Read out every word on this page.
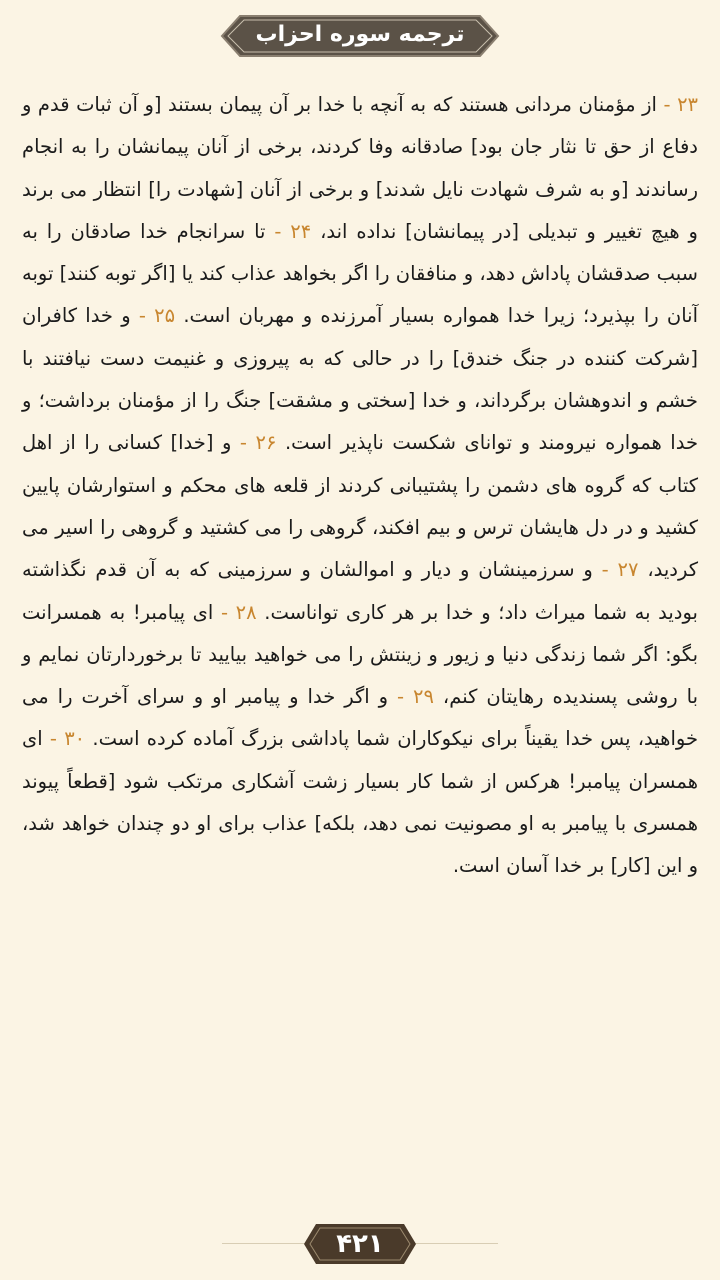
ترجمه سوره احزاب
۲۳ - از مؤمنان مردانی هستند که به آنچه با خدا بر آن پیمان بستند [و آن ثبات قدم و دفاع از حق تا نثار جان بود] صادقانه وفا کردند، برخی از آنان پیمانشان را به انجام رساندند [و به شرف شهادت نایل شدند] و برخی از آنان [شهادت را] انتظار می برند و هیچ تغییر و تبدیلی [در پیمانشان] نداده اند، ۲۴ - تا سرانجام خدا صادقان را به سبب صدقشان پاداش دهد، و منافقان را اگر بخواهد عذاب کند یا [اگر توبه کنند] توبه آنان را بپذیرد؛ زیرا خدا همواره بسیار آمرزنده و مهربان است. ۲۵ - و خدا کافران [شرکت کننده در جنگ خندق] را در حالی که به پیروزی و غنیمت دست نیافتند با خشم و اندوهشان برگرداند، و خدا [سختی و مشقت] جنگ را از مؤمنان برداشت؛ و خدا همواره نیرومند و توانای شکست ناپذیر است. ۲۶ - و [خدا] کسانی را از اهل کتاب که گروه های دشمن را پشتیبانی کردند از قلعه های محکم و استوارشان پایین کشید و در دل هایشان ترس و بیم افکند، گروهی را می کشتید و گروهی را اسیر می کردید، ۲۷ - و سرزمینشان و دیار و اموالشان و سرزمینی که به آن قدم نگذاشته بودید به شما میراث داد؛ و خدا بر هر کاری تواناست. ۲۸ - ای پیامبر! به همسرانت بگو: اگر شما زندگی دنیا و زیور و زینتش را می خواهید بیایید تا برخوردارتان نمایم و با روشی پسندیده رهایتان کنم، ۲۹ - و اگر خدا و پیامبر او و سرای آخرت را می خواهید، پس خدا یقیناً برای نیکوکاران شما پاداشی بزرگ آماده کرده است. ۳۰ - ای همسران پیامبر! هرکس از شما کار بسیار زشت آشکاری مرتکب شود [قطعاً پیوند همسری با پیامبر به او مصونیت نمی دهد، بلکه] عذاب برای او دو چندان خواهد شد، و این [کار] بر خدا آسان است.
۴۲۱
